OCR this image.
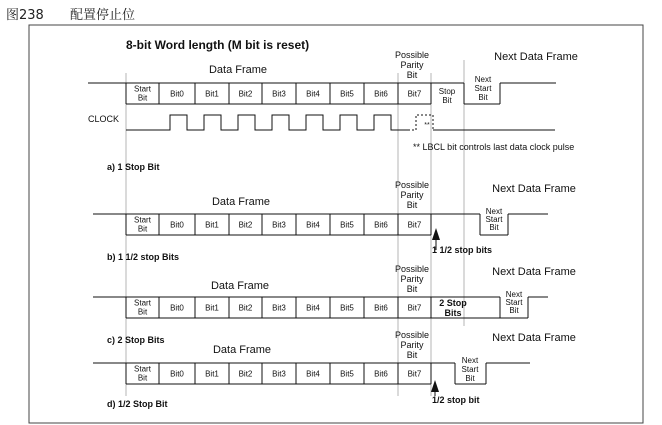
图238 配置停止位
8-bit Word length (M bit is reset)
Start
Bit	Bit0	Bit1 Bit2 Bit3	Bit4	Bit5	Bit6 Bit7 Stop
Bit
Next
Start
Bit
Possible
Parity
Bit
Data Frame
Next Data Frame
CLOCK
**
** LBCL bit controls last data clock pulse
a) 1 Stop Bit
Start
Bit	Bit0	Bit1 Bit2 Bit3	Bit4	Bit5	Bit6 Bit7
Next
Start
Bit
Possible
Parity
Bit
Data Frame
Next Data Frame
1 1/2 stop bits
b) 1 1/2 stop Bits
Start
Bit	Bit0	Bit1 Bit2 Bit3	Bit4	Bit5	Bit6 Bit7 2 Stop
Bits
Next
Start
Bit
Possible
Parity
Bit
Data Frame
Next Data Frame
c) 2 Stop Bits
Start
Bit	Bit0	Bit1 Bit2 Bit3	Bit4	Bit5	Bit6 Bit7
Next
Start
Bit
Possible
Parity
Bit
Data Frame
Next Data Frame
1/2 stop bit
d) 1/2 Stop Bit
